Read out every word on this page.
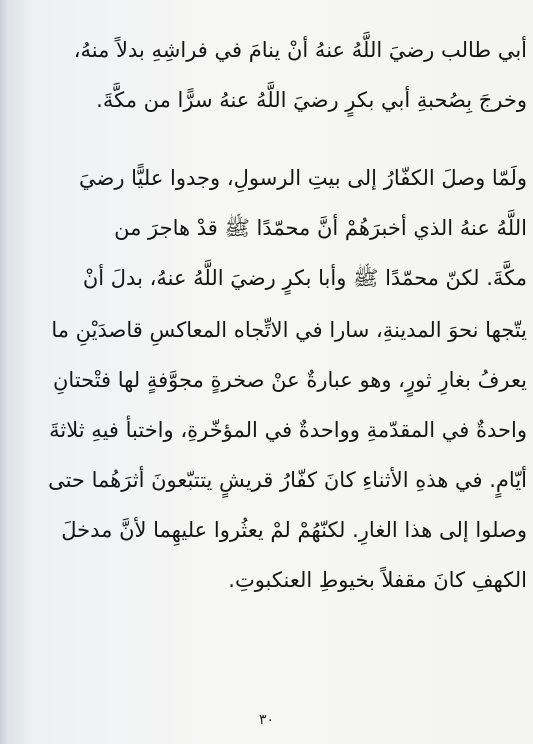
أبي طالب رضيَ اللَّهُ عنهُ أنْ ينامَ في فراشِهِ بدلاً منهُ،
وخرجَ بِصُحبةِ أبي بكرٍ رضيَ اللَّهُ عنهُ سرًّا من مكَّةَ.
ولَمّا وصلَ الكفّارُ إلى بيتِ الرسولِ، وجدوا عليًّا رضيَ
اللَّهُ عنهُ الذي أخبرَهُمْ أنَّ محمّدًا ﷺ قدْ هاجرَ من
مكَّةَ. لكنّ محمّدًا ﷺ وأبا بكرٍ رضيَ اللَّهُ عنهُ، بدلَ أنْ
يتّجها نحوَ المدينةِ، سارا في الاتِّجاه المعاكسِ قاصدَيْنِ ما
يعرفُ بغارِ ثورٍ، وهو عبارةٌ عنْ صخرةٍ مجوَّفةٍ لها فتْحتانِ
واحدةٌ في المقدّمةِ وواحدةٌ في المؤخّرةِ، واختبأ فيهِ ثلاثةَ
أيّامٍ. في هذهِ الأثناءِ كانَ كفّارُ قريشٍ يتتبّعونَ أثرَهُما حتى
وصلوا إلى هذا الغارِ. لكنّهُمْ لمْ يعثُروا عليهِما لأنَّ مدخلَ
الكهفِ كانَ مقفلاً بخيوطِ العنكبوتِ.
٣٠
